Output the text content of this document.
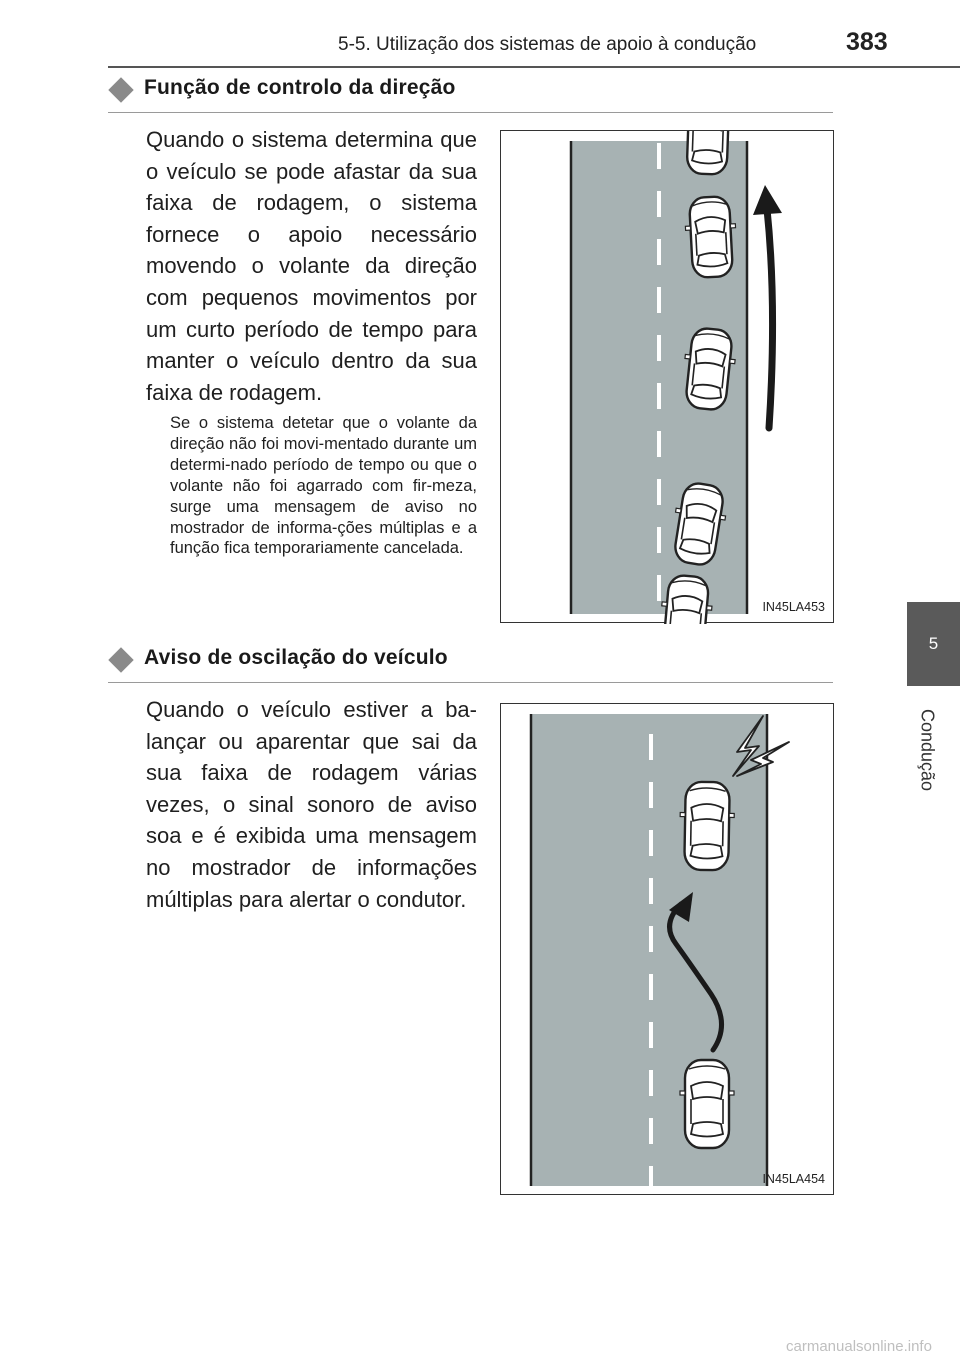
5-5. Utilização dos sistemas de apoio à condução	383
5
Condução
Função de controlo da direção
Quando o sistema determina que o veículo se pode afastar da sua faixa de rodagem, o sistema fornece o apoio necessário movendo o volante da direção com pequenos movimentos por um curto período de tempo para manter o veículo dentro da sua faixa de rodagem.
Se o sistema detetar que o volante da direção não foi movi-mentado durante um determi-nado período de tempo ou que o volante não foi agarrado com fir-meza, surge uma mensagem de aviso no mostrador de informa-ções múltiplas e a função fica temporariamente cancelada.
IN45LA453
Aviso de oscilação do veículo
Quando o veículo estiver a ba-lançar ou aparentar que sai da sua faixa de rodagem várias vezes, o sinal sonoro de aviso soa e é exibida uma mensagem no mostrador de informações múltiplas para alertar o condutor.
IN45LA454
carmanualsonline.info
